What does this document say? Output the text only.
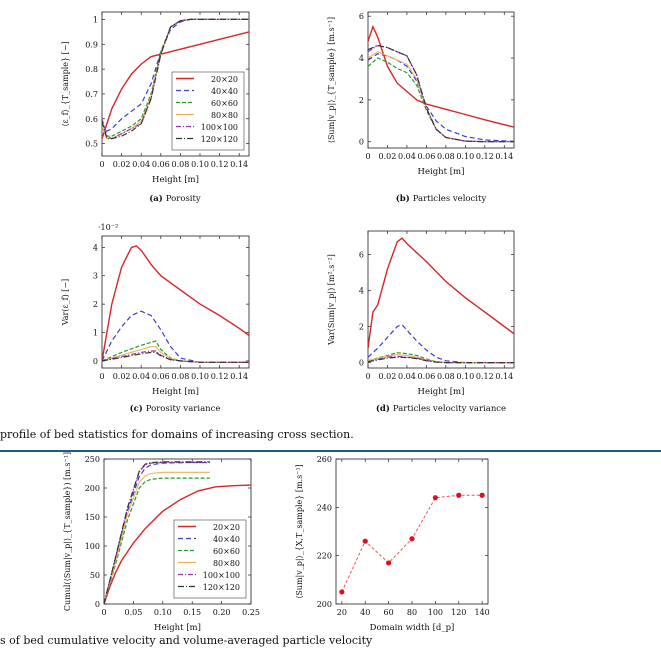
0 0.02 0.04 0.06 0.08 0.10 0.12 0.14
0.5
0.6
0.7
0.8
0.9
1
Height [m]
⟨ε_f⟩_{T_sample} [−]
(a) Porosity
20×20
40×40
60×60
80×80
100×100
120×120
0 0.02 0.04 0.06 0.08 0.10 0.12 0.14
0
2
4
6
Height [m]
⟨Sum|v_p|⟩_{T_sample} [m.s⁻¹]
(b) Particles velocity
0 0.02 0.04 0.06 0.08 0.10 0.12 0.14
0
1
2
3
4
Height [m]
Var(ε_f) [−]
·10⁻²
(c) Porosity variance
0 0.02 0.04 0.06 0.08 0.10 0.12 0.14
0
2
4
6
Height [m]
Var(Sum|v_p|) [m².s⁻²]
(d) Particles velocity variance
0 0.05 0.10 0.15 0.20 0.25
0
50
100
150
200
250
Height [m]
Cumul(⟨Sum|v_p|⟩_{T_sample}) [m.s⁻¹]	20×20
40×40
60×60
80×80
100×100
120×120
20 40 60 80 100 120 140
200
220
240
260
Domain width [d_p]
⟨Sum|v_p|⟩_{X,T_sample} [m.s⁻¹]
profile of bed statistics for domains of increasing cross section.
s of bed cumulative velocity and volume-averaged particle velocity
